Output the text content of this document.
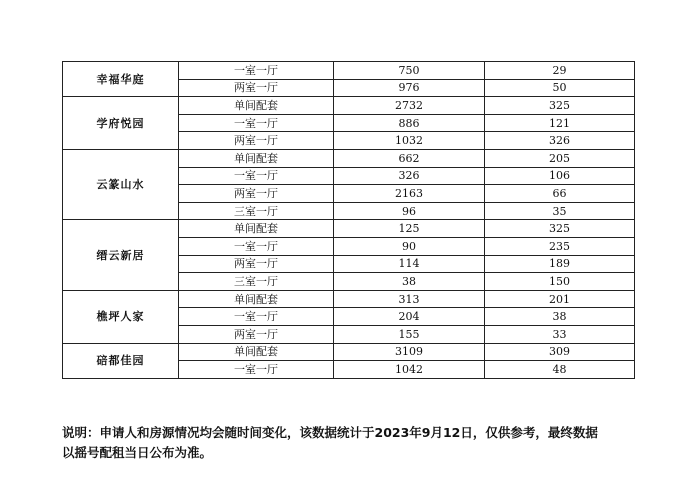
幸福华庭	一室一厅	750	29
	两室一厅	976	50
学府悦园	单间配套	2732	325
	一室一厅	886	121
	两室一厅	1032	326
云篆山水	单间配套	662	205
	一室一厅	326	106
	两室一厅	2163	66
	三室一厅	96	35
缙云新居	单间配套	125	325
	一室一厅	90	235
	两室一厅	114	189
	三室一厅	38	150
樵坪人家	单间配套	313	201
	一室一厅	204	38
	两室一厅	155	33
碚都佳园	单间配套	3109	309
	一室一厅	1042	48
说明：申请人和房源情况均会随时间变化，该数据统计于2023年9月12日，仅供参考，最终数据
以摇号配租当日公布为准。
